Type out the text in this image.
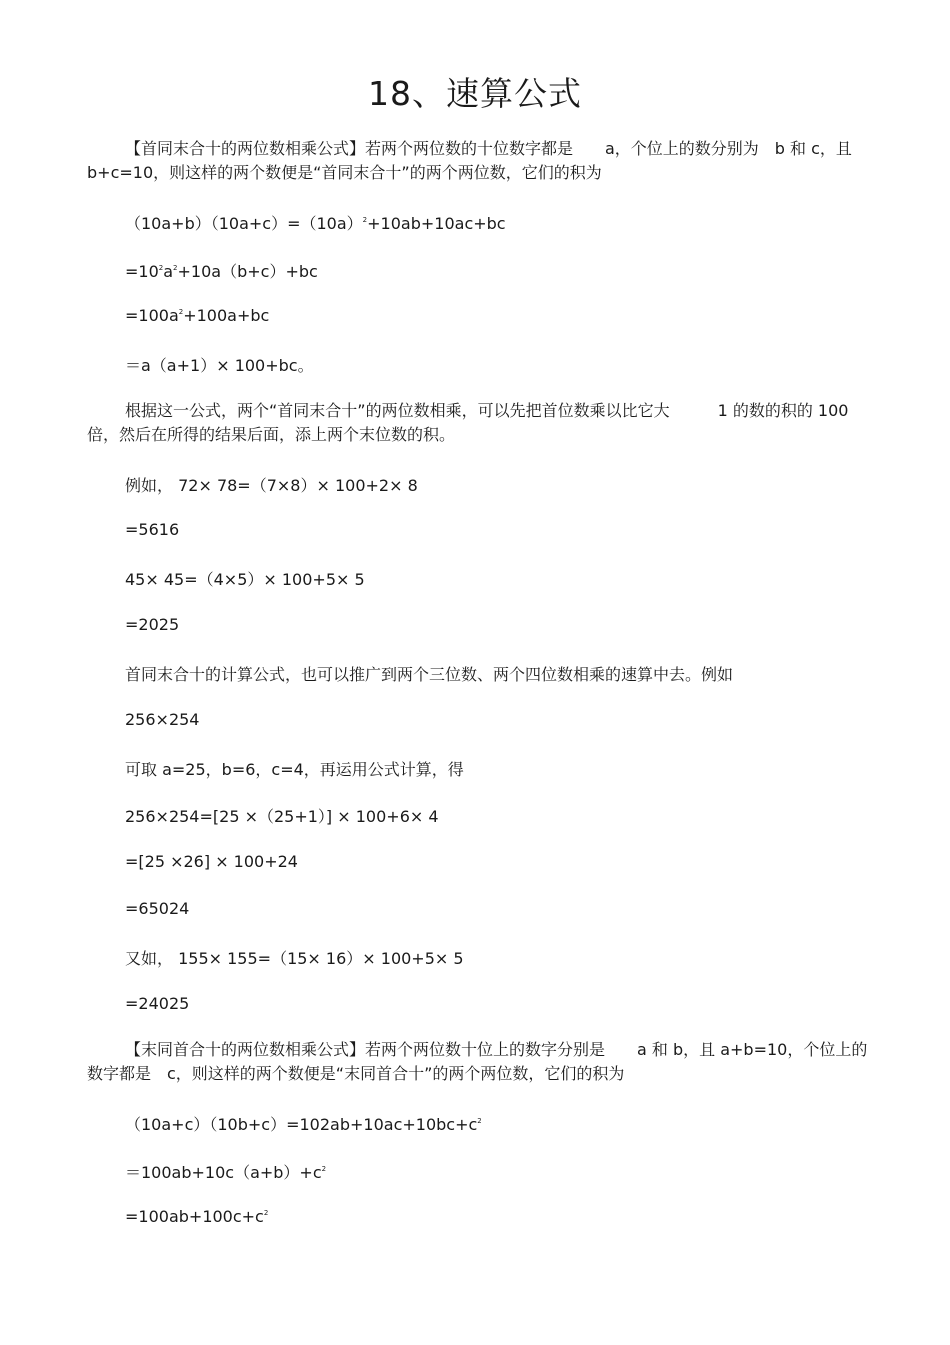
18、速算公式

【首同末合十的两位数相乘公式】若两个两位数的十位数字都是　　a，个位上的数分别为　b 和 c，且 b+c=10，则这样的两个数便是“首同末合十”的两个两位数，它们的积为

$(10a+b)(10a+c)=(10a)^2+10ab+10ac+bc$
$=10^2a^2+10a(b+c)+bc$
$=100a^2+100a+bc$
＝a（a+1）× 100+bc。

根据这一公式，两个“首同末合十”的两位数相乘，可以先把首位数乘以比它大　　　1 的数的积的 100 倍，然后在所得的结果后面，添上两个末位数的积。

例如， 72× 78=（7×8）× 100+2× 8
=5616
45× 45=（4×5）× 100+5× 5
=2025
首同末合十的计算公式，也可以推广到两个三位数、两个四位数相乘的速算中去。例如
256×254
可取 a=25，b=6，c=4，再运用公式计算，得
256×254=[25 ×（25+1）] × 100+6× 4
=[25 ×26] × 100+24
=65024
又如， 155× 155=（15× 16）× 100+5× 5
=24025

【末同首合十的两位数相乘公式】若两个两位数十位上的数字分别是　　a 和 b，且 a+b=10，个位上的数字都是　c，则这样的两个数便是“末同首合十”的两个两位数，它们的积为

$(10a+c)(10b+c)=102ab+10ac+10bc+c^2$
$=100ab+10c(a+b)+c^2$
$=100ab+100c+c^2$
